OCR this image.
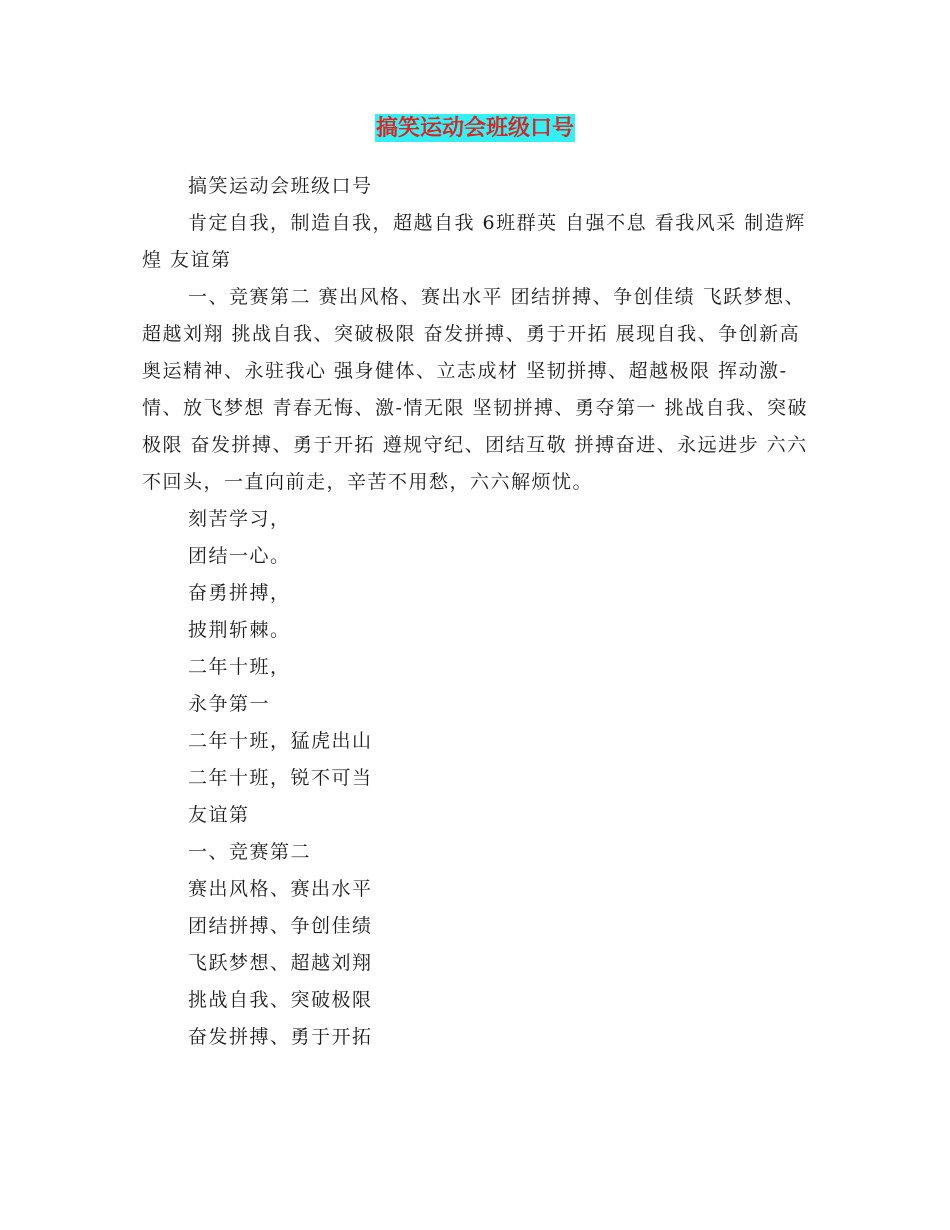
搞笑运动会班级口号

搞笑运动会班级口号

肯定自我，制造自我，超越自我 6班群英 自强不息 看我风采 制造辉煌 友谊第

一、竞赛第二 赛出风格、赛出水平 团结拼搏、争创佳绩 飞跃梦想、超越刘翔 挑战自我、突破极限 奋发拼搏、勇于开拓 展现自我、争创新高 奥运精神、永驻我心 强身健体、立志成材 坚韧拼搏、超越极限 挥动激-情、放飞梦想 青春无悔、激-情无限 坚韧拼搏、勇夺第一 挑战自我、突破极限 奋发拼搏、勇于开拓 遵规守纪、团结互敬 拼搏奋进、永远进步 六六不回头，一直向前走，辛苦不用愁，六六解烦忧。

刻苦学习，

团结一心。

奋勇拼搏，

披荆斩棘。

二年十班，

永争第一

二年十班，猛虎出山

二年十班，锐不可当

友谊第

一、竞赛第二

赛出风格、赛出水平

团结拼搏、争创佳绩

飞跃梦想、超越刘翔

挑战自我、突破极限

奋发拼搏、勇于开拓
